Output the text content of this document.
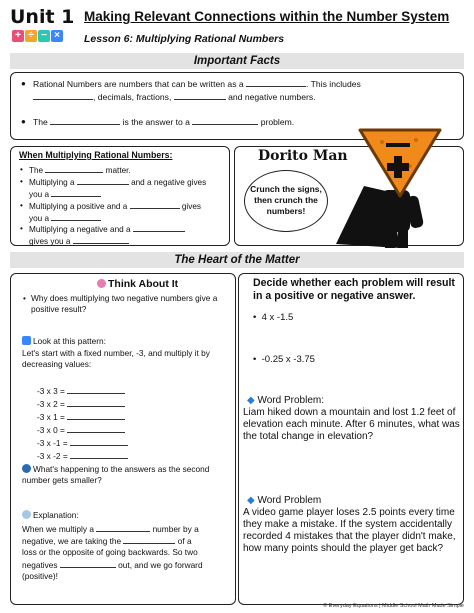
Unit 1
+ ÷ − ×
Making Relevant Connections within the Number System
Lesson 6: Multiplying Rational Numbers
Important Facts
● Rational Numbers are numbers that can be written as a	. This includes
, decimals, fractions,	and negative numbers.
● The	is the answer to a	problem.
When Multiplying Rational Numbers:
• The	matter.
• Multiplying a	and a negative gives
you a
• Multiplying a positive and a	gives
you a
• Multiplying a negative and a
gives you a
Dorito Man
Crunch the signs, then crunch the numbers!
The Heart of the Matter
Think About It
• Why does multiplying two negative numbers give a positive result?
Look at this pattern:
Let's start with a fixed number, -3, and multiply it by decreasing values:
-3 x 3 =
-3 x 2 =
-3 x 1 =
-3 x 0 =
-3 x -1 =
-3 x -2 =
What's happening to the answers as the second number gets smaller?
Explanation:
When we multiply a	number by a
negative, we are taking the	of a
loss or the opposite of going backwards. So two
negatives	out, and we go forward
(positive)!
Decide whether each problem will result in a positive or negative answer.
•  4 x -1.5
•  -0.25 x -3.75
◆ Word Problem:
Liam hiked down a mountain and lost 1.2 feet of elevation each minute. After 6 minutes, what was the total change in elevation?
◆ Word Problem
A video game player loses 2.5 points every time they make a mistake. If the system accidentally recorded 4 mistakes that the player didn't make, how many points should the player get back?
© Everyday Equations | Middle School Math Made Simple
